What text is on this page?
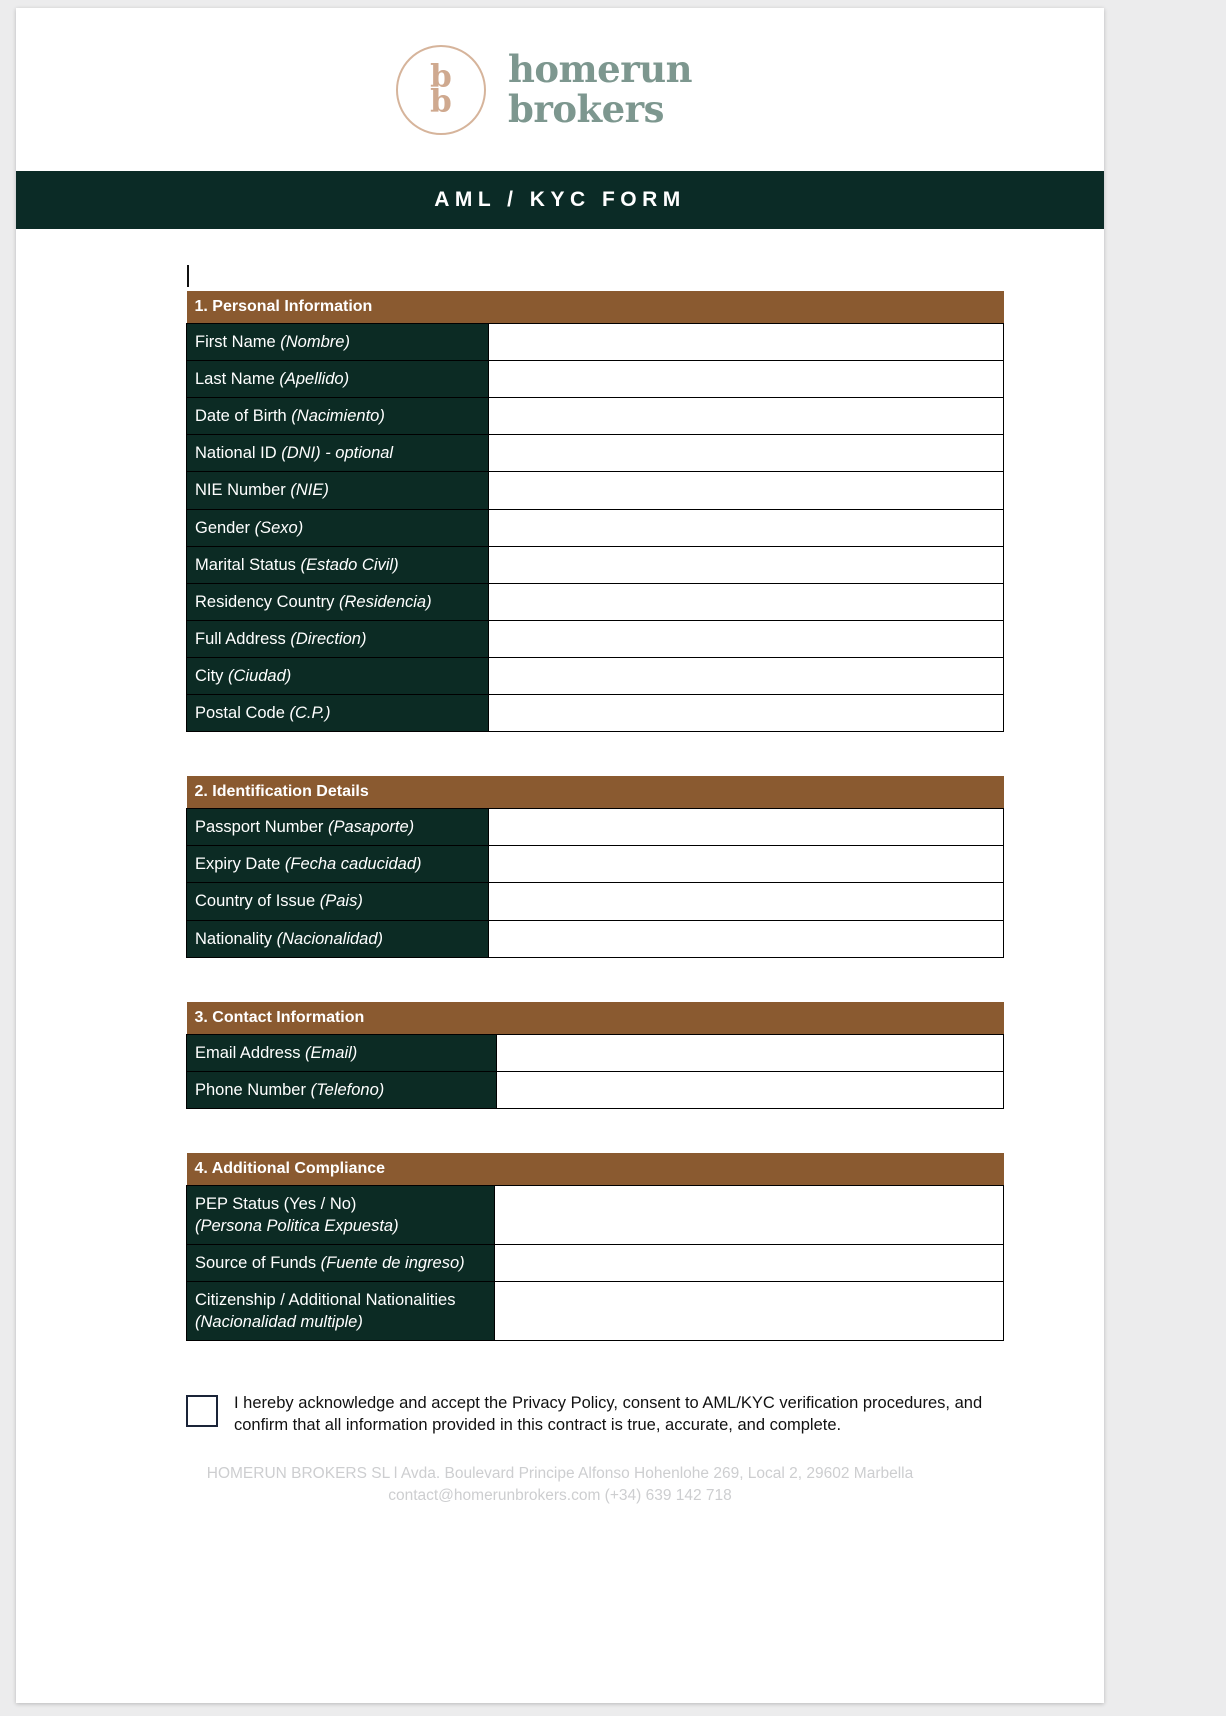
b
b
homerun
brokers
AML / KYC FORM
1. Personal Information	
First Name (Nombre)	
Last Name (Apellido)	
Date of Birth (Nacimiento)	
National ID (DNI) - optional	
NIE Number (NIE)	
Gender (Sexo)	
Marital Status (Estado Civil)	
Residency Country (Residencia)	
Full Address (Direction)	
City (Ciudad)	
Postal Code (C.P.)	
2. Identification Details	
Passport Number (Pasaporte)	
Expiry Date (Fecha caducidad)	
Country of Issue (Pais)	
Nationality (Nacionalidad)	
3. Contact Information	
Email Address (Email)	
Phone Number (Telefono)	
4. Additional Compliance	
PEP Status (Yes / No)
(Persona Politica Expuesta)	
Source of Funds (Fuente de ingreso)	
Citizenship / Additional Nationalities
(Nacionalidad multiple)	
I hereby acknowledge and accept the Privacy Policy, consent to AML/KYC verification procedures, and confirm that all information provided in this contract is true, accurate, and complete.
HOMERUN BROKERS SL l Avda. Boulevard Principe Alfonso Hohenlohe 269, Local 2, 29602 Marbella
contact@homerunbrokers.com (+34) 639 142 718
